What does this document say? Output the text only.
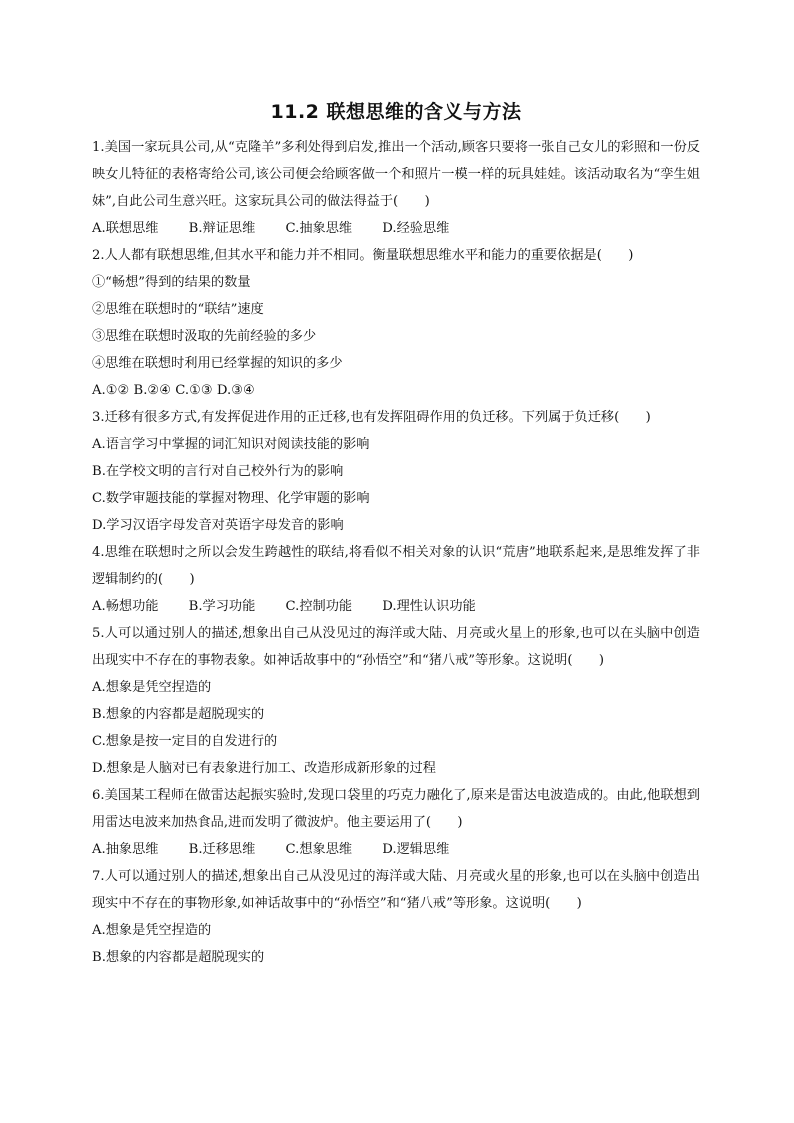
11.2 联想思维的含义与方法

1.美国一家玩具公司,从“克隆羊”多利处得到启发,推出一个活动,顾客只要将一张自己女儿的彩照和一份反映女儿特征的表格寄给公司,该公司便会给顾客做一个和照片一模一样的玩具娃娃。该活动取名为“孪生姐妹”,自此公司生意兴旺。这家玩具公司的做法得益于(　　)

A.联想思维 B.辩证思维 C.抽象思维 D.经验思维

2.人人都有联想思维,但其水平和能力并不相同。衡量联想思维水平和能力的重要依据是(　　)

①“畅想”得到的结果的数量

②思维在联想时的“联结”速度

③思维在联想时汲取的先前经验的多少

④思维在联想时利用已经掌握的知识的多少

A.①② B.②④ C.①③ D.③④

3.迁移有很多方式,有发挥促进作用的正迁移,也有发挥阻碍作用的负迁移。下列属于负迁移(　　)

A.语言学习中掌握的词汇知识对阅读技能的影响

B.在学校文明的言行对自己校外行为的影响

C.数学审题技能的掌握对物理、化学审题的影响

D.学习汉语字母发音对英语字母发音的影响

4.思维在联想时之所以会发生跨越性的联结,将看似不相关对象的认识“荒唐”地联系起来,是思维发挥了非逻辑制约的(　　)

A.畅想功能 B.学习功能 C.控制功能 D.理性认识功能

5.人可以通过别人的描述,想象出自己从没见过的海洋或大陆、月亮或火星上的形象,也可以在头脑中创造出现实中不存在的事物表象。如神话故事中的“孙悟空”和“猪八戒”等形象。这说明(　　)

A.想象是凭空捏造的

B.想象的内容都是超脱现实的

C.想象是按一定目的自发进行的

D.想象是人脑对已有表象进行加工、改造形成新形象的过程

6.美国某工程师在做雷达起振实验时,发现口袋里的巧克力融化了,原来是雷达电波造成的。由此,他联想到用雷达电波来加热食品,进而发明了微波炉。他主要运用了(　　)

A.抽象思维 B.迁移思维 C.想象思维 D.逻辑思维

7.人可以通过别人的描述,想象出自己从没见过的海洋或大陆、月亮或火星的形象,也可以在头脑中创造出现实中不存在的事物形象,如神话故事中的“孙悟空”和“猪八戒”等形象。这说明(　　)

A.想象是凭空捏造的

B.想象的内容都是超脱现实的
